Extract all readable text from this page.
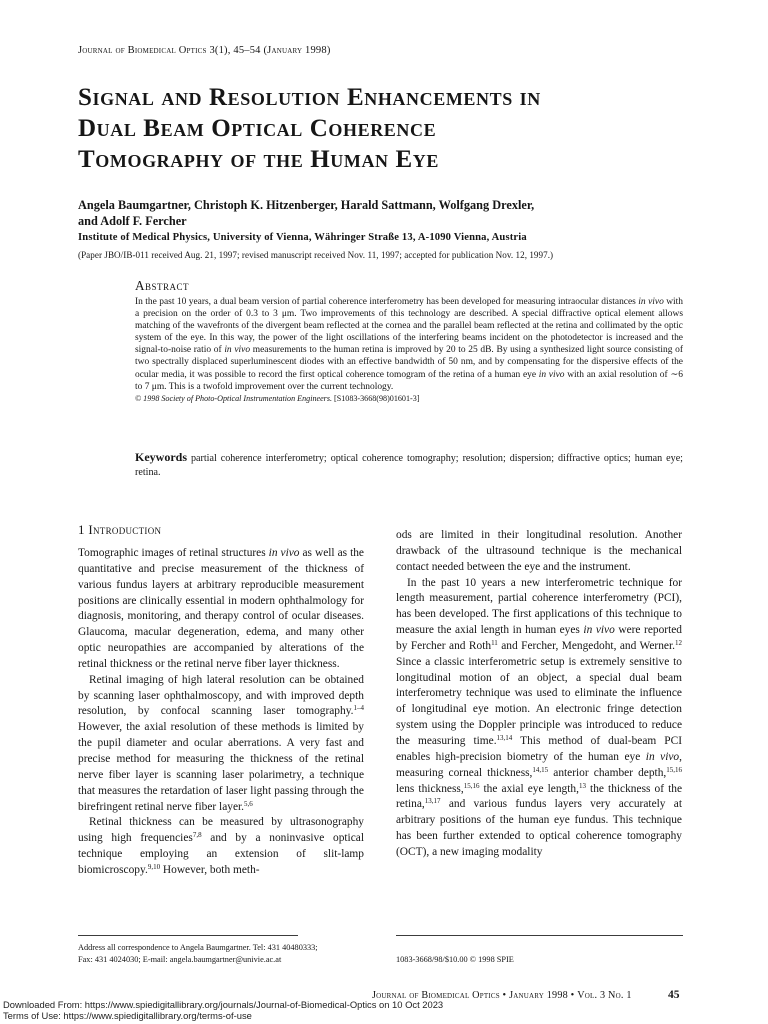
Journal of Biomedical Optics 3(1), 45–54 (January 1998)
Signal and Resolution Enhancements in
Dual Beam Optical Coherence
Tomography of the Human Eye
Angela Baumgartner, Christoph K. Hitzenberger, Harald Sattmann, Wolfgang Drexler,
and Adolf F. Fercher
Institute of Medical Physics, University of Vienna, Währinger Straße 13, A-1090 Vienna, Austria
(Paper JBO/IB-011 received Aug. 21, 1997; revised manuscript received Nov. 11, 1997; accepted for publication Nov. 12, 1997.)
Abstract
In the past 10 years, a dual beam version of partial coherence interferometry has been developed for measuring intraocular distances in vivo with a precision on the order of 0.3 to 3 μm. Two improvements of this technology are described. A special diffractive optical element allows matching of the wavefronts of the divergent beam reflected at the cornea and the parallel beam reflected at the retina and collimated by the optic system of the eye. In this way, the power of the light oscillations of the interfering beams incident on the photodetector is increased and the signal-to-noise ratio of in vivo measurements to the human retina is improved by 20 to 25 dB. By using a synthesized light source consisting of two spectrally displaced superluminescent diodes with an effective bandwidth of 50 nm, and by compensating for the dispersive effects of the ocular media, it was possible to record the first optical coherence tomogram of the retina of a human eye in vivo with an axial resolution of ∼6 to 7 μm. This is a twofold improvement over the current technology.
© 1998 Society of Photo-Optical Instrumentation Engineers. [S1083-3668(98)01601-3]
Keywords partial coherence interferometry; optical coherence tomography; resolution; dispersion; diffractive optics; human eye; retina.
1 Introduction

Tomographic images of retinal structures in vivo as well as the quantitative and precise measurement of the thickness of various fundus layers at arbitrary reproducible measurement positions are clinically essential in modern ophthalmology for diagnosis, monitoring, and therapy control of ocular diseases. Glaucoma, macular degeneration, edema, and many other optic neuropathies are accompanied by alterations of the retinal thickness or the retinal nerve fiber layer thickness.

Retinal imaging of high lateral resolution can be obtained by scanning laser ophthalmoscopy, and with improved depth resolution, by confocal scanning laser tomography.$^{1-4}$ However, the axial resolution of these methods is limited by the pupil diameter and ocular aberrations. A very fast and precise method for measuring the thickness of the retinal nerve fiber layer is scanning laser polarimetry, a technique that measures the retardation of laser light passing through the birefringent retinal nerve fiber layer.$^{5,6}$

Retinal thickness can be measured by ultrasonography using high frequencies$^{7,8}$ and by a noninvasive optical technique employing an extension of slit-lamp biomicroscopy.$^{9,10}$ However, both meth-

ods are limited in their longitudinal resolution. Another drawback of the ultrasound technique is the mechanical contact needed between the eye and the instrument.

In the past 10 years a new interferometric technique for length measurement, partial coherence interferometry (PCI), has been developed. The first applications of this technique to measure the axial length in human eyes in vivo were reported by Fercher and Roth$^{11}$ and Fercher, Mengedoht, and Werner.$^{12}$ Since a classic interferometric setup is extremely sensitive to longitudinal motion of an object, a special dual beam interferometry technique was used to eliminate the influence of longitudinal eye motion. An electronic fringe detection system using the Doppler principle was introduced to reduce the measuring time.$^{13,14}$ This method of dual-beam PCI enables high-precision biometry of the human eye in vivo, measuring corneal thickness,$^{14,15}$ anterior chamber depth,$^{15,16}$ lens thickness,$^{15,16}$ the axial eye length,$^{13}$ the thickness of the retina,$^{13,17}$ and various fundus layers very accurately at arbitrary positions of the human eye fundus. This technique has been further extended to optical coherence tomography (OCT), a new imaging modality

Address all correspondence to Angela Baumgartner. Tel: 431 40480333;
Fax: 431 4024030; E-mail: angela.baumgartner@univie.ac.at	1083-3668/98/$10.00 © 1998 SPIE
Journal of Biomedical Optics • January 1998 • Vol. 3 No. 1	45
Downloaded From: https://www.spiedigitallibrary.org/journals/Journal-of-Biomedical-Optics on 10 Oct 2023
Terms of Use: https://www.spiedigitallibrary.org/terms-of-use
